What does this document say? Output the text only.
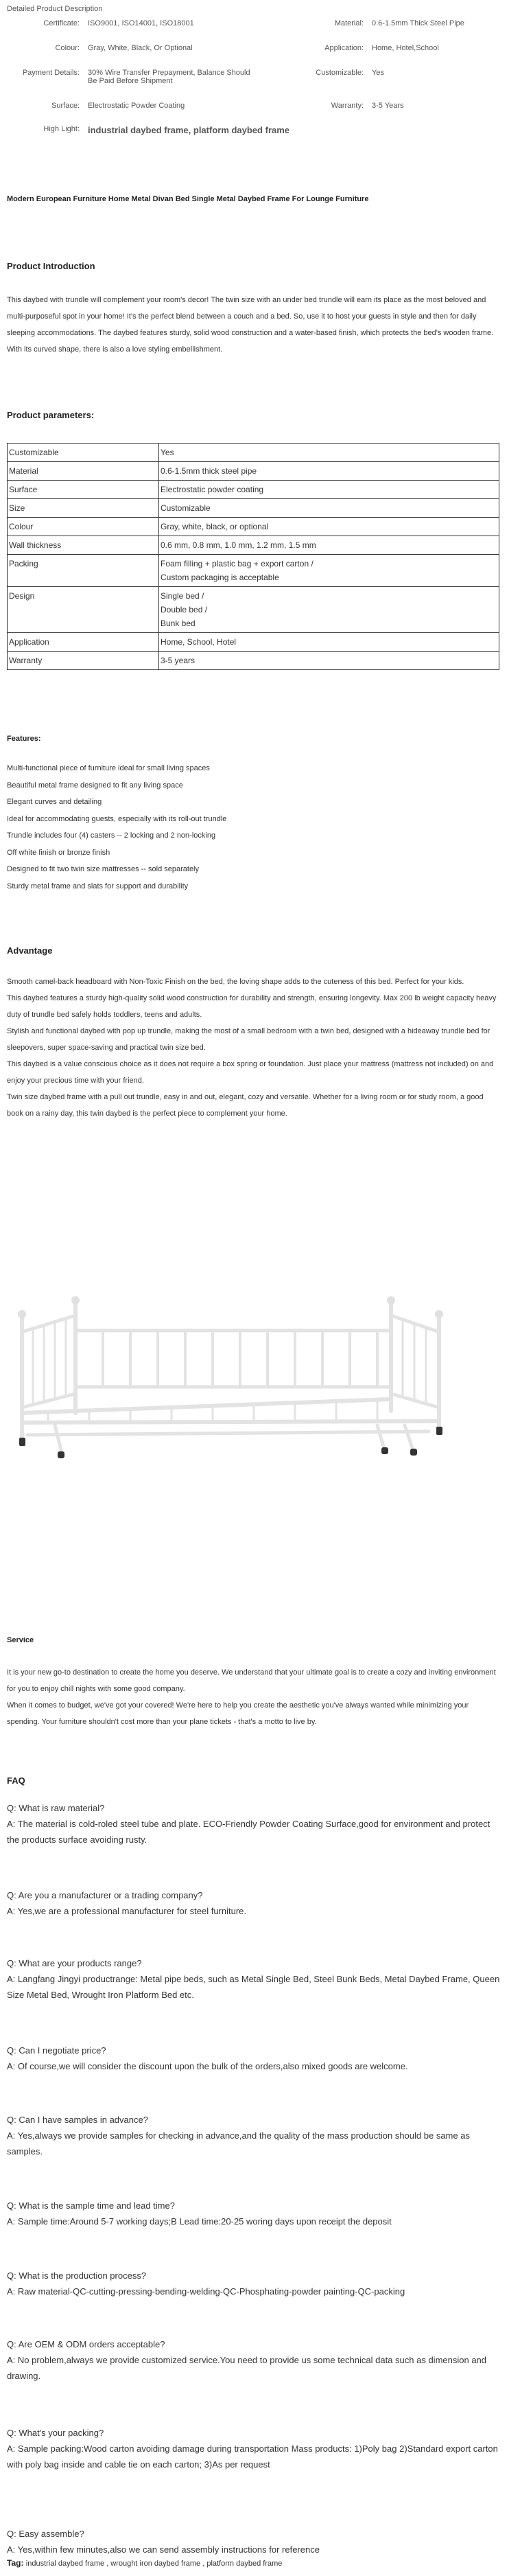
Detailed Product Description
Certificate:	ISO9001, ISO14001, ISO18001	Material:	0.6-1.5mm Thick Steel Pipe
Colour:	Gray, White, Black, Or Optional	Application:	Home, Hotel,School
Payment Details:	30% Wire Transfer Prepayment, Balance Should Be Paid Before Shipment	Customizable:	Yes
Surface:	Electrostatic Powder Coating	Warranty:	3-5 Years
High Light:	industrial daybed frame, platform daybed frame		
Modern European Furniture Home Metal Divan Bed Single Metal Daybed Frame For Lounge Furniture
Product Introduction
This daybed with trundle will complement your room's decor! The twin size with an under bed trundle will earn its place as the most beloved and multi-purposeful spot in your home! It's the perfect blend between a couch and a bed. So, use it to host your guests in style and then for daily sleeping accommodations. The daybed features sturdy, solid wood construction and a water-based finish, which protects the bed's wooden frame. With its curved shape, there is also a love styling embellishment.
Product parameters:
Customizable	Yes
Material	0.6-1.5mm thick steel pipe
Surface	Electrostatic powder coating
Size	Customizable
Colour	Gray, white, black, or optional
Wall thickness	0.6 mm, 0.8 mm, 1.0 mm, 1.2 mm, 1.5 mm
Packing	Foam filling + plastic bag + export carton /
Custom packaging is acceptable

Design	Single bed /
Double bed /
Bunk bed

Application	Home, School, Hotel
Warranty	3-5 years
Features:
Multi-functional piece of furniture ideal for small living spaces
Beautiful metal frame designed to fit any living space
Elegant curves and detailing
Ideal for accommodating guests, especially with its roll-out trundle
Trundle includes four (4) casters -- 2 locking and 2 non-locking
Off white finish or bronze finish
Designed to fit two twin size mattresses -- sold separately
Sturdy metal frame and slats for support and durability
Advantage
Smooth camel-back headboard with Non-Toxic Finish on the bed, the loving shape adds to the cuteness of this bed. Perfect for your kids.
This daybed features a sturdy high-quality solid wood construction for durability and strength, ensuring longevity. Max 200 lb weight capacity heavy duty of trundle bed safely holds toddlers, teens and adults.
Stylish and functional daybed with pop up trundle, making the most of a small bedroom with a twin bed, designed with a hideaway trundle bed for sleepovers, super space-saving and practical twin size bed.
This daybed is a value conscious choice as it does not require a box spring or foundation. Just place your mattress (mattress not included) on and enjoy your precious time with your friend.
Twin size daybed frame with a pull out trundle, easy in and out, elegant, cozy and versatile. Whether for a living room or for study room, a good book on a rainy day, this twin daybed is the perfect piece to complement your home.
Service
It is your new go-to destination to create the home you deserve. We understand that your ultimate goal is to create a cozy and inviting environment for you to enjoy chill nights with some good company.
When it comes to budget, we've got your covered! We're here to help you create the aesthetic you've always wanted while minimizing your spending. Your furniture shouldn't cost more than your plane tickets - that's a motto to live by.
FAQ
Q: What is raw material?
A: The material is cold-roled steel tube and plate. ECO-Friendly Powder Coating Surface,good for environment and protect the products surface avoiding rusty.
Q: Are you a manufacturer or a trading company?
A: Yes,we are a professional manufacturer for steel furniture.
Q: What are your products range?
A: Langfang Jingyi productrange: Metal pipe beds, such as Metal Single Bed, Steel Bunk Beds, Metal Daybed Frame, Queen Size Metal Bed, Wrought Iron Platform Bed etc.
Q: Can I negotiate price?
A: Of course,we will consider the discount upon the bulk of the orders,also mixed goods are welcome.
Q: Can I have samples in advance?
A: Yes,always we provide samples for checking in advance,and the quality of the mass production should be same as samples.
Q: What is the sample time and lead time?
A: Sample time:Around 5-7 working days;B Lead time:20-25 woring days upon receipt the deposit
Q: What is the production process?
A: Raw material-QC-cutting-pressing-bending-welding-QC-Phosphating-powder painting-QC-packing
Q: Are OEM & ODM orders acceptable?
A: No problem,always we provide customized service.You need to provide us some technical data such as dimension and drawing.
Q: What's your packing?
A: Sample packing:Wood carton avoiding damage during transportation Mass products: 1)Poly bag 2)Standard export carton with poly bag inside and cable tie on each carton; 3)As per request
Q: Easy assemble?
A: Yes,within few minutes,also we can send assembly instructions for reference
Tag: industrial daybed frame , wrought iron daybed frame , platform daybed frame
